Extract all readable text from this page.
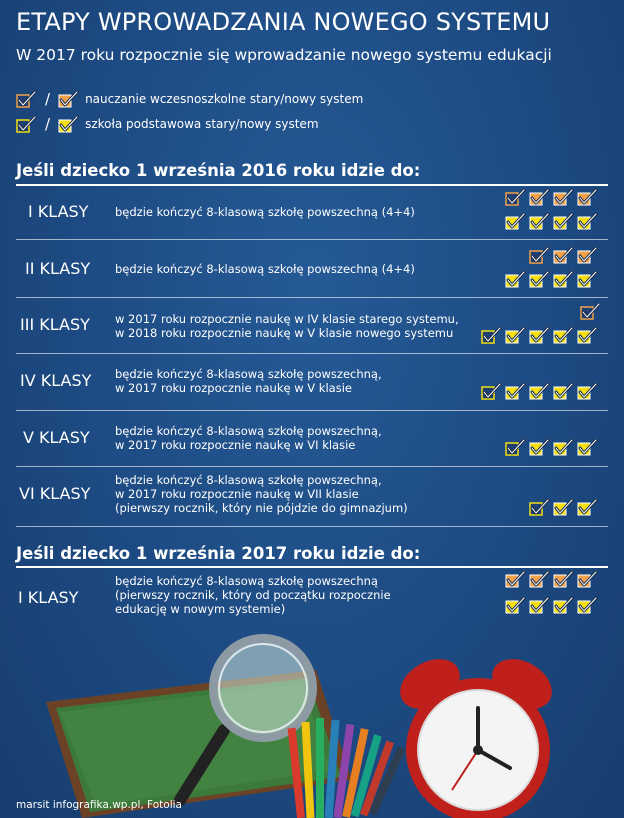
ETAPY WPROWADZANIA NOWEGO SYSTEMU

W 2017 roku rozpocznie się wprowadzanie nowego systemu edukacji

/	nauczanie wczesnoszkolne stary/nowy system
/	szkoła podstawowa stary/nowy system
Jeśli dziecko 1 września 2016 roku idzie do:
I KLASY będzie kończyć 8-klasową szkołę powszechną (4+4)
II KLASY będzie kończyć 8-klasową szkołę powszechną (4+4)
III KLASY w 2017 roku rozpocznie naukę w IV klasie starego systemu,
w 2018 roku rozpocznie naukę w V klasie nowego systemu
IV KLASY będzie kończyć 8-klasową szkołę powszechną,
w 2017 roku rozpocznie naukę w V klasie
V KLASY będzie kończyć 8-klasową szkołę powszechną,
w 2017 roku rozpocznie naukę w VI klasie
VI KLASY
będzie kończyć 8-klasową szkołę powszechną,
w 2017 roku rozpocznie naukę w VII klasie
(pierwszy rocznik, który nie pójdzie do gimnazjum)
Jeśli dziecko 1 września 2017 roku idzie do:
I KLASY
będzie kończyć 8-klasową szkołę powszechną
(pierwszy rocznik, który od początku rozpocznie
edukację w nowym systemie)
marsit infografika.wp.pl, Fotolia
